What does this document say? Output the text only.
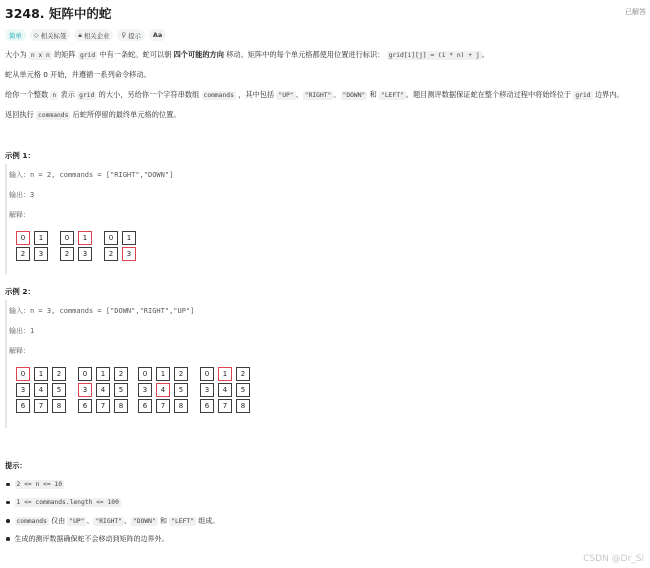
3248. 矩阵中的蛇	已解答
简单 ◇ 相关标签 🔒︎ 相关企业 ♀ 提示 Aa
大小为 n x n 的矩阵 grid 中有一条蛇。蛇可以朝 四个可能的方向 移动。矩阵中的每个单元格都使用位置进行标识： grid[i][j] = (i * n) + j 。
蛇从单元格 0 开始，并遵循一系列命令移动。
给你一个整数 n 表示 grid 的大小，另给你一个字符串数组 commands ，其中包括 "UP" 、 "RIGHT" 、 "DOWN" 和 "LEFT" 。题目测评数据保证蛇在整个移动过程中将始终位于 grid 边界内。
返回执行 commands 后蛇所停留的最终单元格的位置。
示例 1：
输入：n = 2, commands = ["RIGHT","DOWN"]
输出：3
解释：
0	1
2	3
0	1
2	3
0	1
2	3
示例 2：
输入：n = 3, commands = ["DOWN","RIGHT","UP"]
输出：1
解释：
0	1	2
3	4	5
6	7	8
0	1	2
3	4	5
6	7	8
0	1	2
3	4	5
6	7	8
0	1	2
3	4	5
6	7	8
提示：
2 <= n <= 10
1 <= commands.length <= 100
commands 仅由 "UP" 、 "RIGHT" 、 "DOWN" 和 "LEFT" 组成。
生成的测评数据确保蛇不会移动到矩阵的边界外。
CSDN @Dr_Si
